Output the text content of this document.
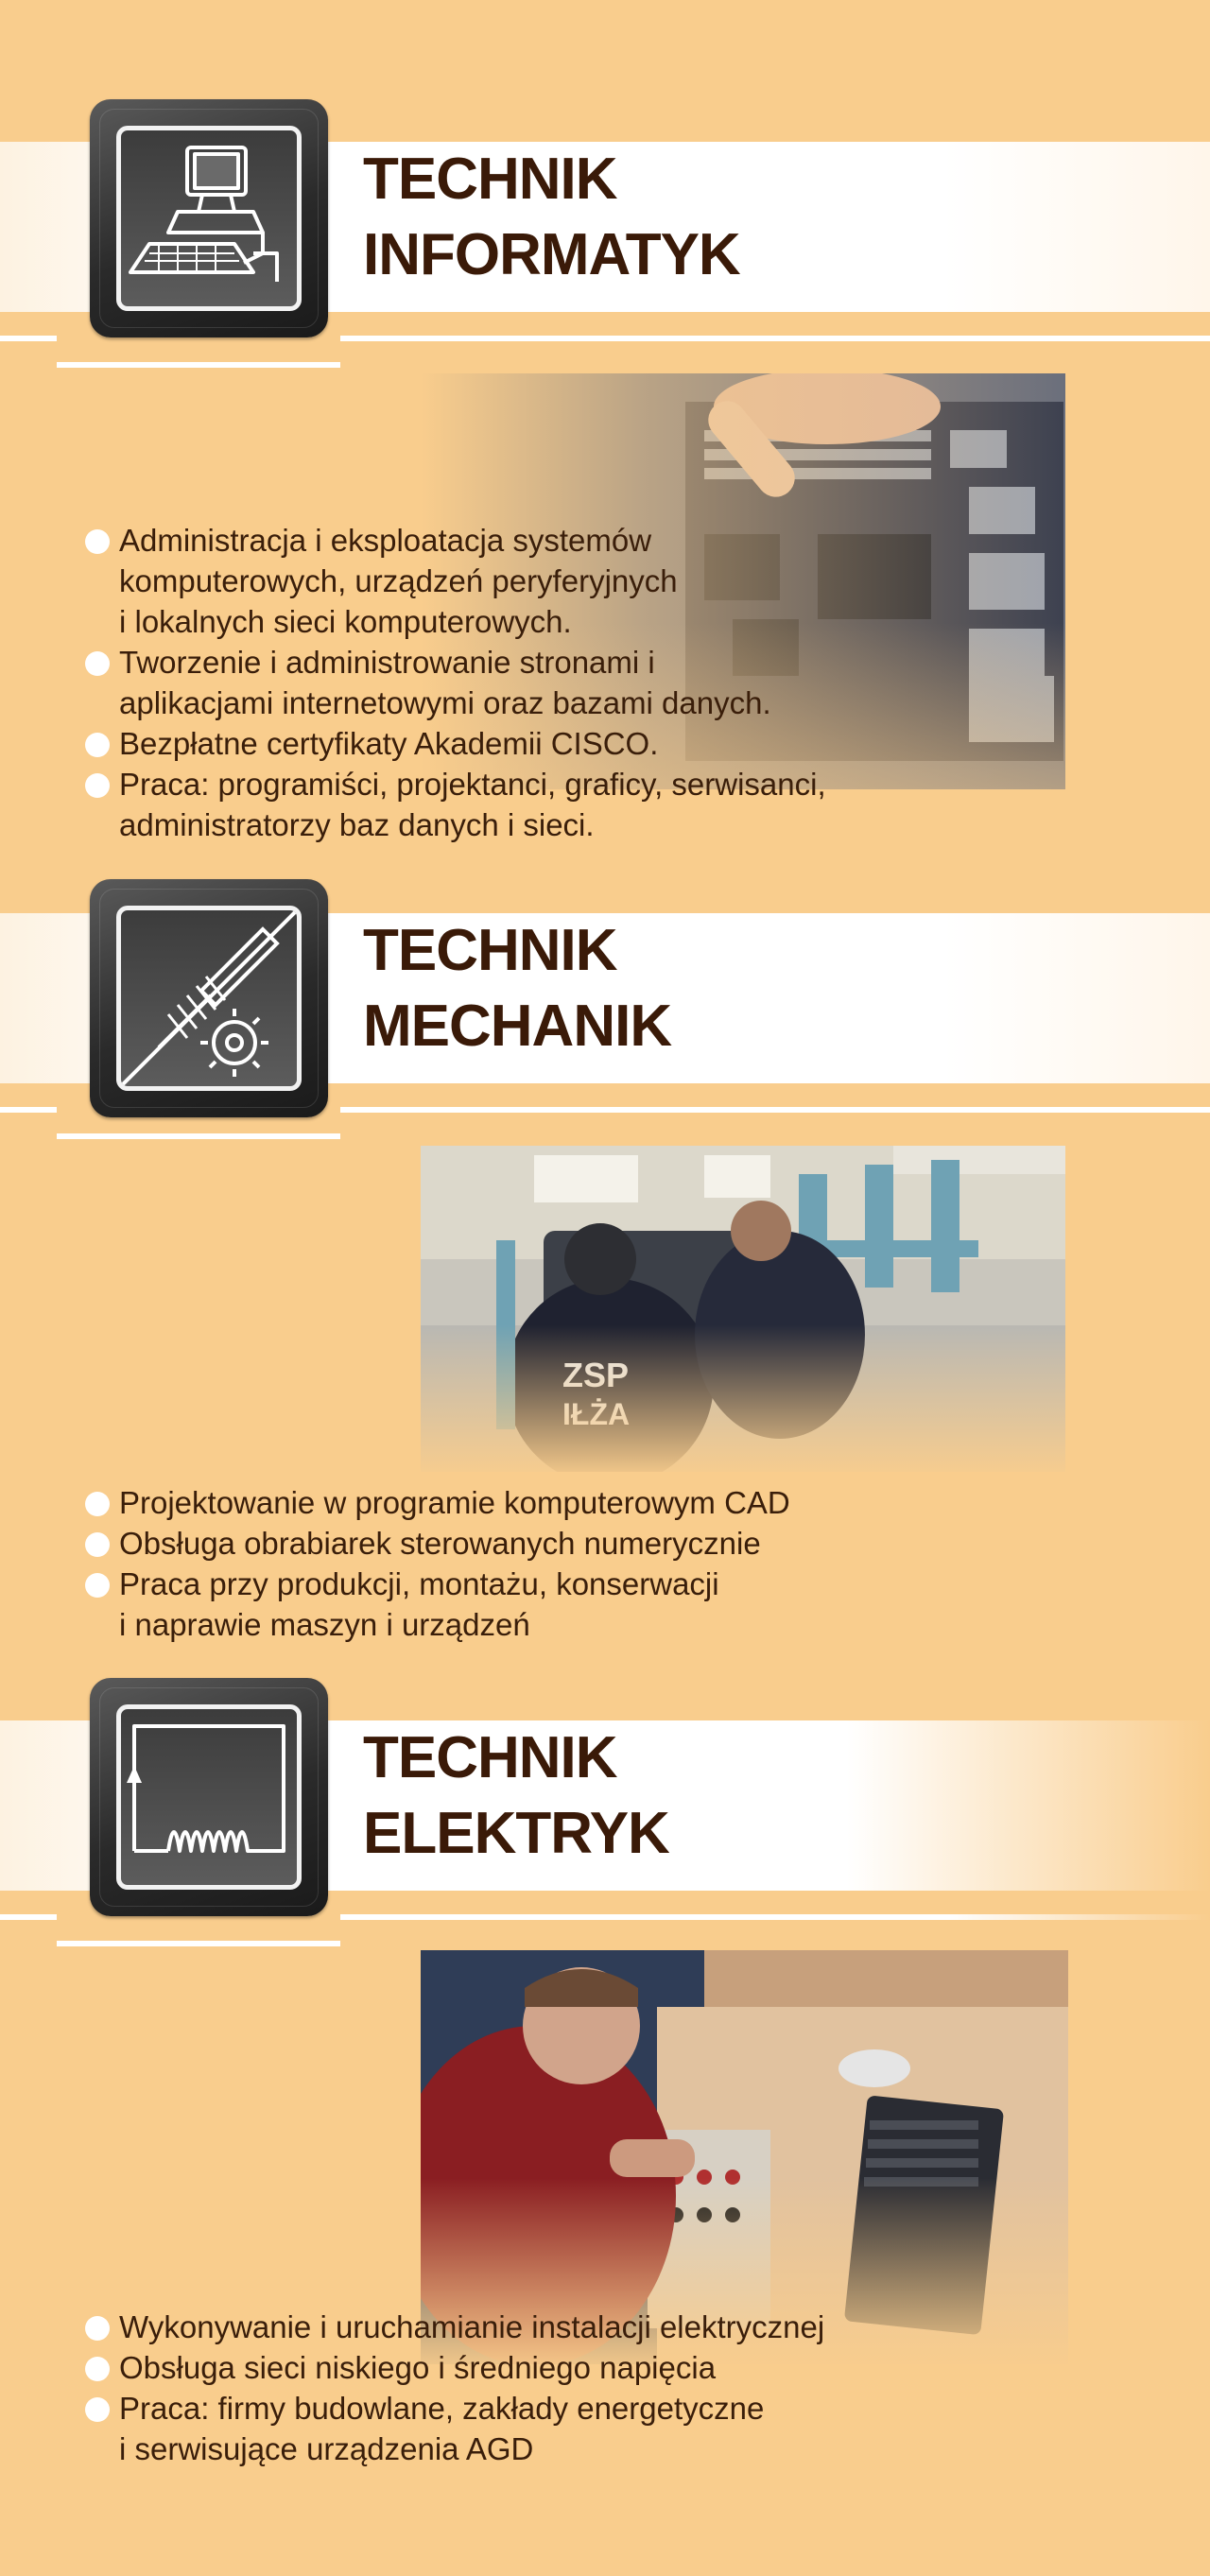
TECHNIK
INFORMATYK
Administracja i eksploatacja systemów
komputerowych, urządzeń peryferyjnych
i lokalnych sieci komputerowych.
Tworzenie i administrowanie stronami i
aplikacjami internetowymi oraz bazami danych.
Bezpłatne certyfikaty Akademii CISCO.
Praca: programiści, projektanci, graficy, serwisanci,
administratorzy baz danych i sieci.
TECHNIK
MECHANIK
Projektowanie w programie komputerowym CAD
Obsługa obrabiarek sterowanych numerycznie
Praca przy produkcji, montażu, konserwacji
i naprawie maszyn i urządzeń
TECHNIK
ELEKTRYK
Wykonywanie i uruchamianie instalacji elektrycznej
Obsługa sieci niskiego i średniego napięcia
Praca: firmy budowlane, zakłady energetyczne
i serwisujące urządzenia AGD
